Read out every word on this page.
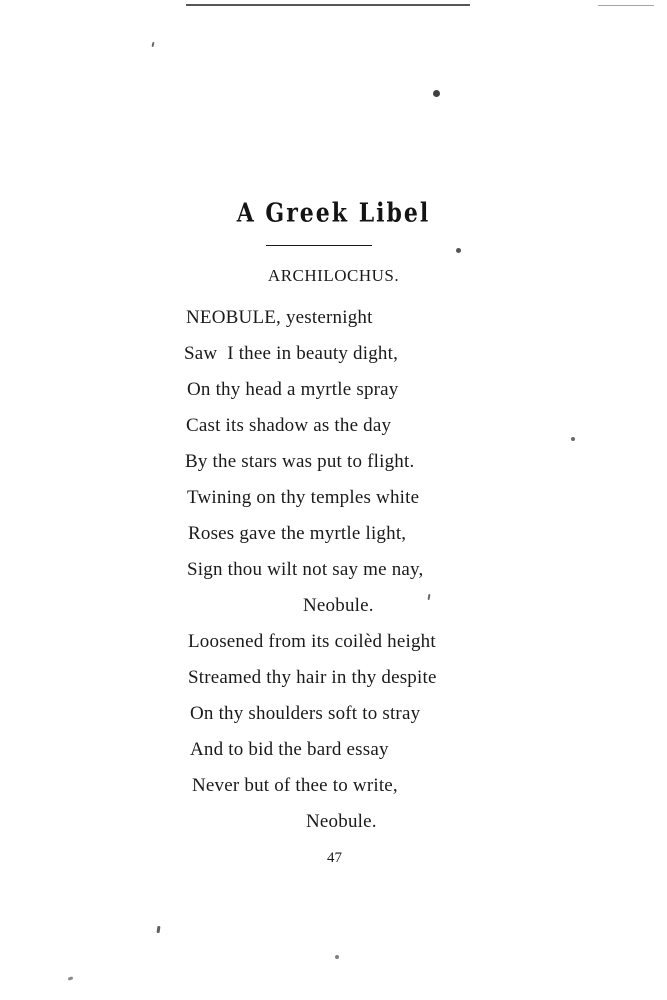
A Greek Libel
ARCHILOCHUS.
NEOBULE, yesternight
Saw  I thee in beauty dight,
On thy head a myrtle spray
Cast its shadow as the day
By the stars was put to flight.
Twining on thy temples white
Roses gave the myrtle light,
Sign thou wilt not say me nay,
Neobule.
Loosened from its coilèd height
Streamed thy hair in thy despite
On thy shoulders soft to stray
And to bid the bard essay
Never but of thee to write,
Neobule.
47
